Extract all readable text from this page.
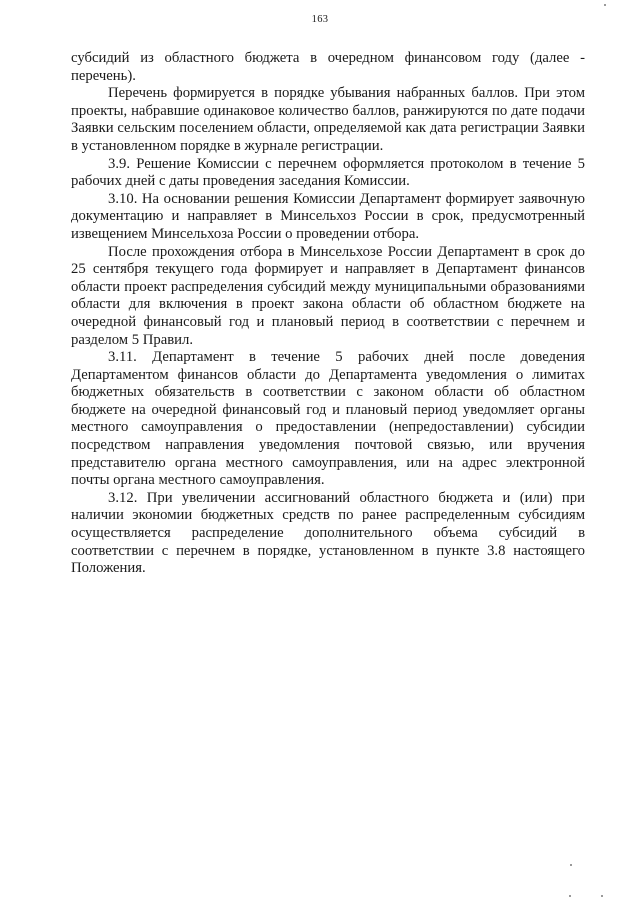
163

субсидий из областного бюджета в очередном финансовом году (далее - перечень).

Перечень формируется в порядке убывания набранных баллов. При этом проекты, набравшие одинаковое количество баллов, ранжируются по дате подачи Заявки сельским поселением области, определяемой как дата регистрации Заявки в установленном порядке в журнале регистрации.

3.9. Решение Комиссии с перечнем оформляется протоколом в течение 5 рабочих дней с даты проведения заседания Комиссии.

3.10. На основании решения Комиссии Департамент формирует заявочную документацию и направляет в Минсельхоз России в срок, предусмотренный извещением Минсельхоза России о проведении отбора.

После прохождения отбора в Минсельхозе России Департамент в срок до 25 сентября текущего года формирует и направляет в Департамент финансов области проект распределения субсидий между муниципальными образованиями области для включения в проект закона области об областном бюджете на очередной финансовый год и плановый период в соответствии с перечнем и разделом 5 Правил.

3.11. Департамент в течение 5 рабочих дней после доведения Департаментом финансов области до Департамента уведомления о лимитах бюджетных обязательств в соответствии с законом области об областном бюджете на очередной финансовый год и плановый период уведомляет органы местного самоуправления о предоставлении (непредоставлении) субсидии посредством направления уведомления почтовой связью, или вручения представителю органа местного самоуправления, или на адрес электронной почты органа местного самоуправления.

3.12. При увеличении ассигнований областного бюджета и (или) при наличии экономии бюджетных средств по ранее распределенным субсидиям осуществляется распределение дополнительного объема субсидий в соответствии с перечнем в порядке, установленном в пункте 3.8 настоящего Положения.
